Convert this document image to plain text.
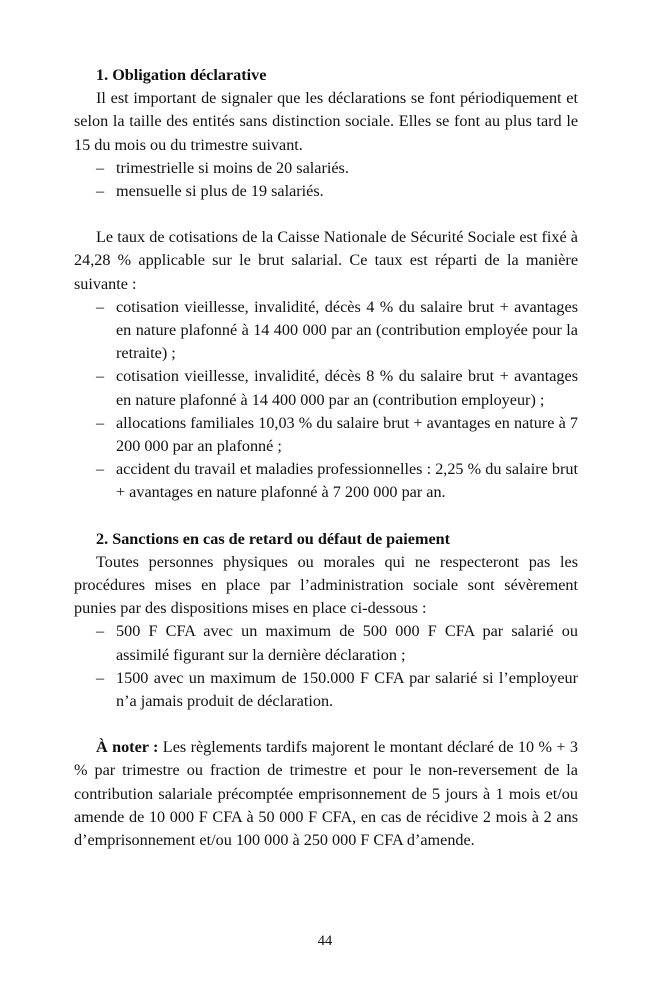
1. Obligation déclarative

Il est important de signaler que les déclarations se font périodiquement et selon la taille des entités sans distinction sociale. Elles se font au plus tard le 15 du mois ou du trimestre suivant.

– trimestrielle si moins de 20 salariés.
– mensuelle si plus de 19 salariés.

Le taux de cotisations de la Caisse Nationale de Sécurité Sociale est fixé à 24,28 % applicable sur le brut salarial. Ce taux est réparti de la manière suivante :

– cotisation vieillesse, invalidité, décès 4 % du salaire brut + avantages en nature plafonné à 14 400 000 par an (contribution employée pour la retraite) ;
– cotisation vieillesse, invalidité, décès 8 % du salaire brut + avantages en nature plafonné à 14 400 000 par an (contribution employeur) ;
– allocations familiales 10,03 % du salaire brut + avantages en nature à 7 200 000 par an plafonné ;
– accident du travail et maladies professionnelles : 2,25 % du salaire brut + avantages en nature plafonné à 7 200 000 par an.
2. Sanctions en cas de retard ou défaut de paiement

Toutes personnes physiques ou morales qui ne respecteront pas les procédures mises en place par l’administration sociale sont sévèrement punies par des dispositions mises en place ci-dessous :

– 500 F CFA avec un maximum de 500 000 F CFA par salarié ou assimilé figurant sur la dernière déclaration ;
– 1500 avec un maximum de 150.000 F CFA par salarié si l’employeur n’a jamais produit de déclaration.

À noter : Les règlements tardifs majorent le montant déclaré de 10 % + 3 % par trimestre ou fraction de trimestre et pour le non-reversement de la contribution salariale précomptée emprisonnement de 5 jours à 1 mois et/ou amende de 10 000 F CFA à 50 000 F CFA, en cas de récidive 2 mois à 2 ans d’emprisonnement et/ou 100 000 à 250 000 F CFA d’amende.

44
